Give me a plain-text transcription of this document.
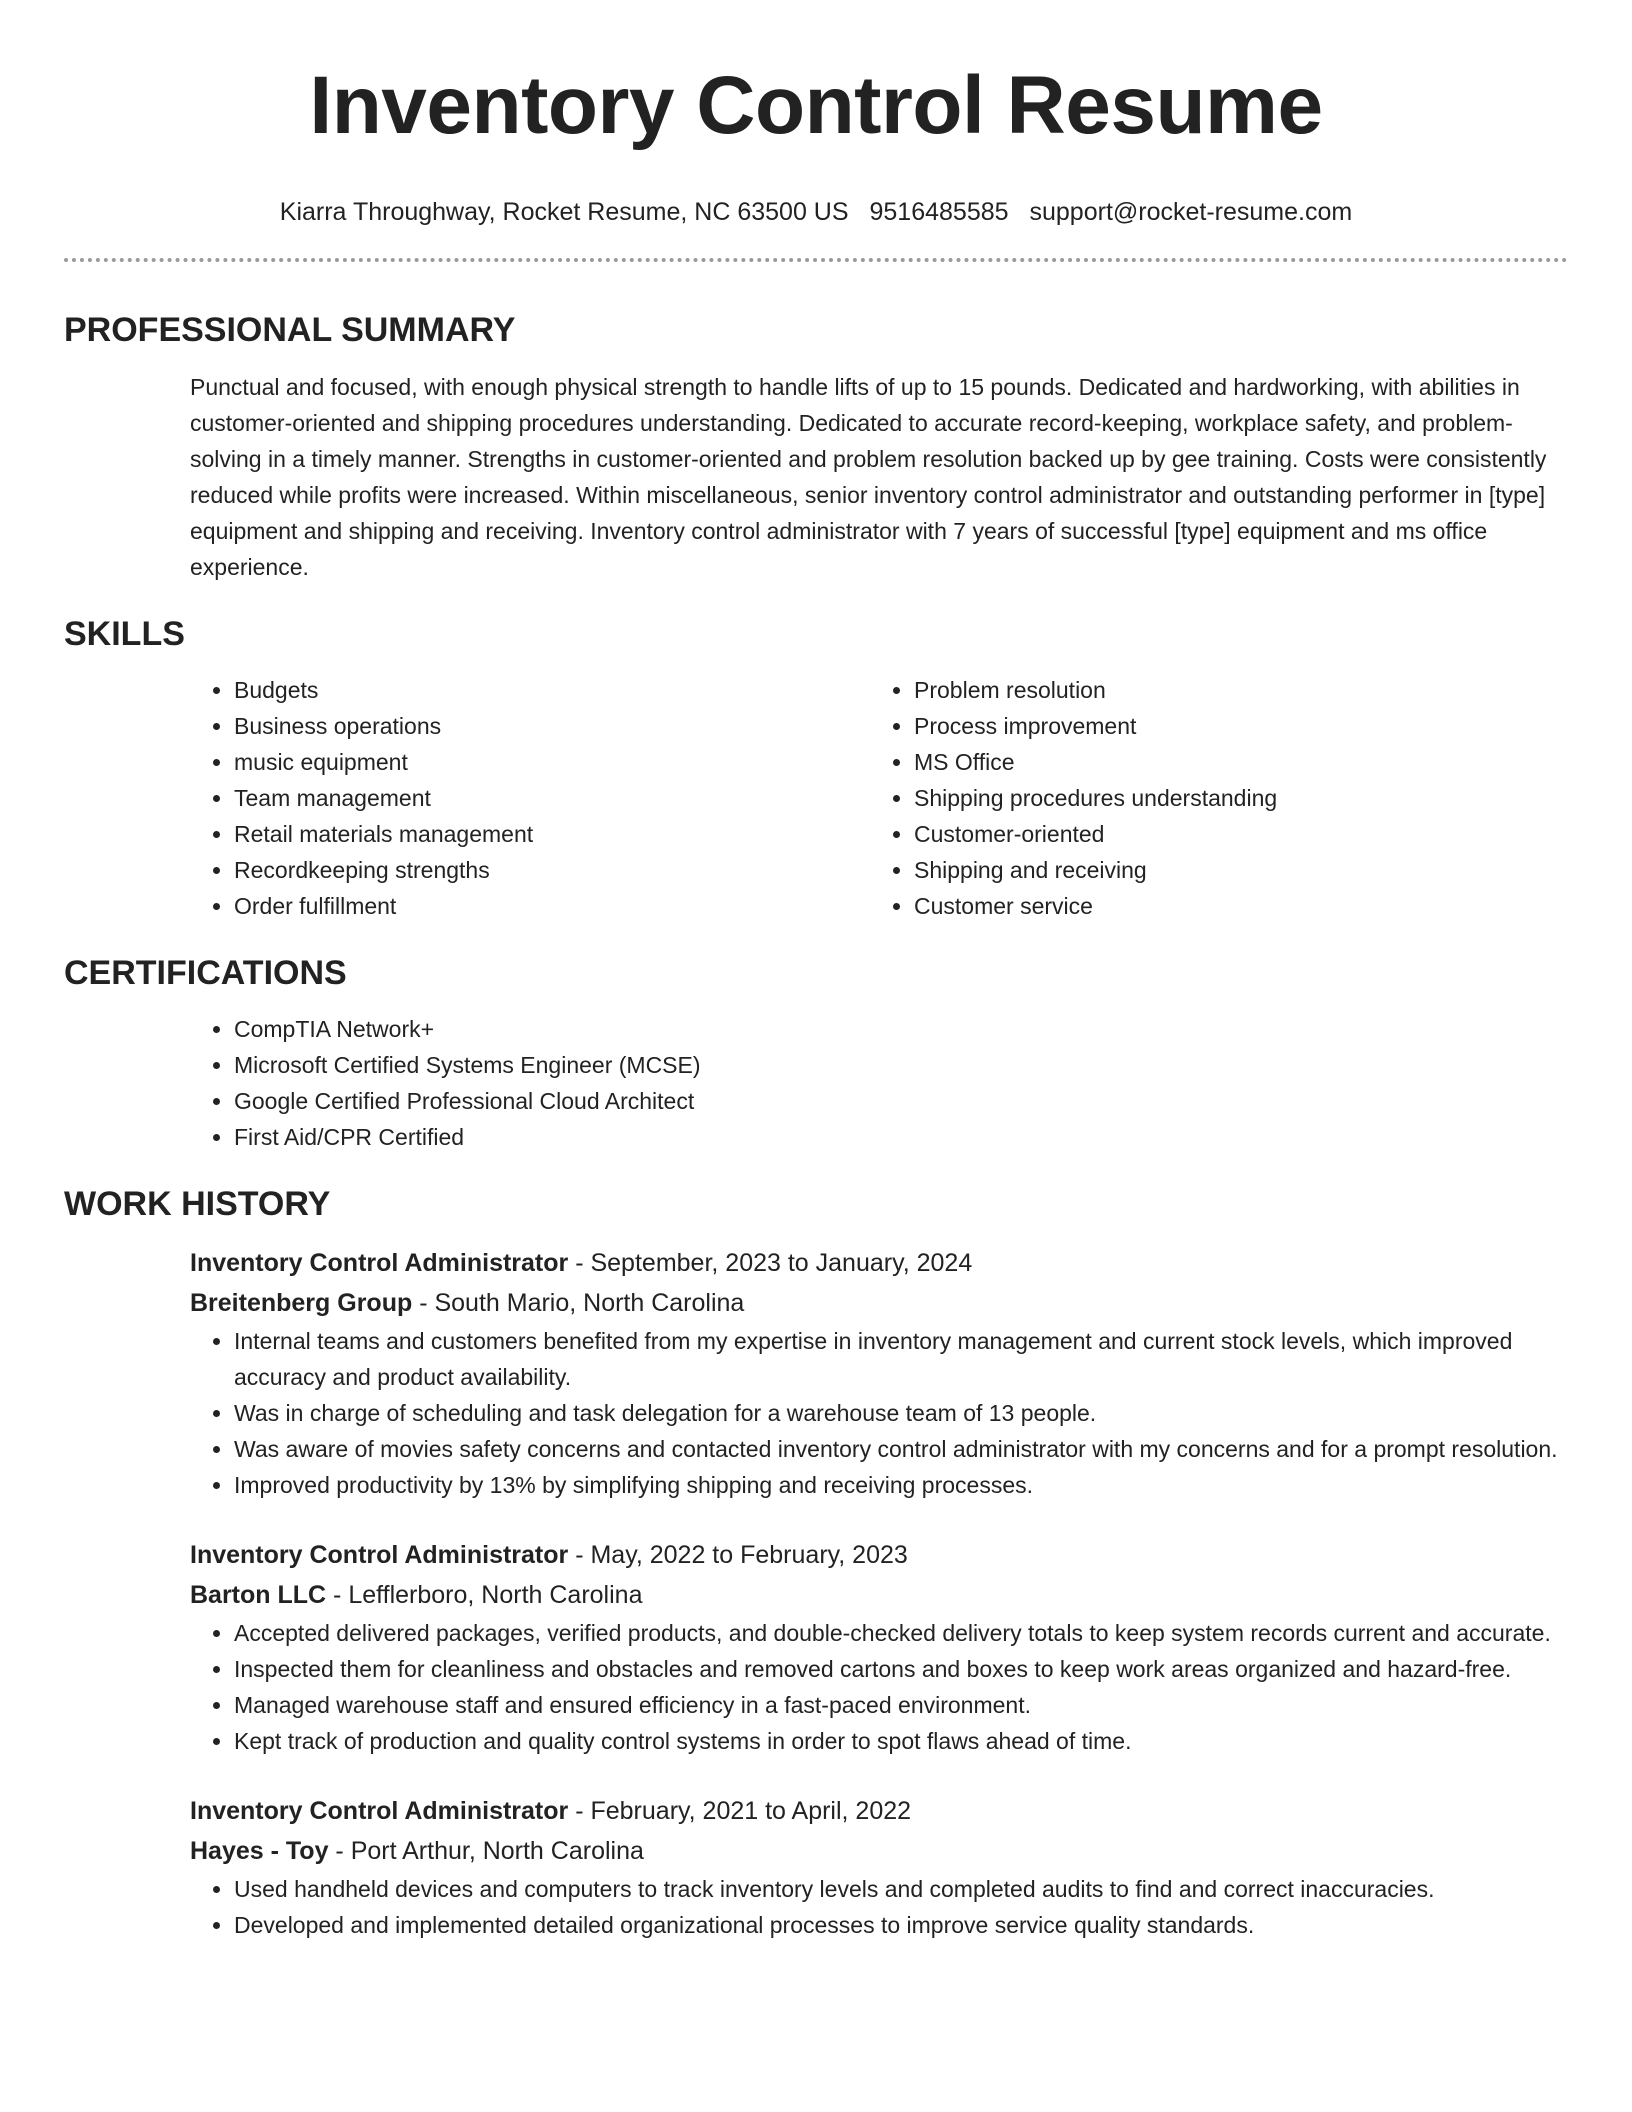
Inventory Control Resume
Kiarra Throughway, Rocket Resume, NC 63500 US 9516485585 support@rocket-resume.com
PROFESSIONAL SUMMARY

Punctual and focused, with enough physical strength to handle lifts of up to 15 pounds. Dedicated and hardworking, with abilities in customer-oriented and shipping procedures understanding. Dedicated to accurate record-keeping, workplace safety, and problem-solving in a timely manner. Strengths in customer-oriented and problem resolution backed up by gee training. Costs were consistently reduced while profits were increased. Within miscellaneous, senior inventory control administrator and outstanding performer in [type] equipment and shipping and receiving. Inventory control administrator with 7 years of successful [type] equipment and ms office experience.

SKILLS
• Budgets
• Business operations
• music equipment
• Team management
• Retail materials management
• Recordkeeping strengths
• Order fulfillment
• Problem resolution
• Process improvement
• MS Office
• Shipping procedures understanding
• Customer-oriented
• Shipping and receiving
• Customer service
CERTIFICATIONS
• CompTIA Network+
• Microsoft Certified Systems Engineer (MCSE)
• Google Certified Professional Cloud Architect
• First Aid/CPR Certified
WORK HISTORY
Inventory Control Administrator - September, 2023 to January, 2024
Breitenberg Group - South Mario, North Carolina
• Internal teams and customers benefited from my expertise in inventory management and current stock levels, which improved accuracy and product availability.
• Was in charge of scheduling and task delegation for a warehouse team of 13 people.
• Was aware of movies safety concerns and contacted inventory control administrator with my concerns and for a prompt resolution.
• Improved productivity by 13% by simplifying shipping and receiving processes.
Inventory Control Administrator - May, 2022 to February, 2023
Barton LLC - Lefflerboro, North Carolina
• Accepted delivered packages, verified products, and double-checked delivery totals to keep system records current and accurate.
• Inspected them for cleanliness and obstacles and removed cartons and boxes to keep work areas organized and hazard-free.
• Managed warehouse staff and ensured efficiency in a fast-paced environment.
• Kept track of production and quality control systems in order to spot flaws ahead of time.
Inventory Control Administrator - February, 2021 to April, 2022
Hayes - Toy - Port Arthur, North Carolina
• Used handheld devices and computers to track inventory levels and completed audits to find and correct inaccuracies.
• Developed and implemented detailed organizational processes to improve service quality standards.
